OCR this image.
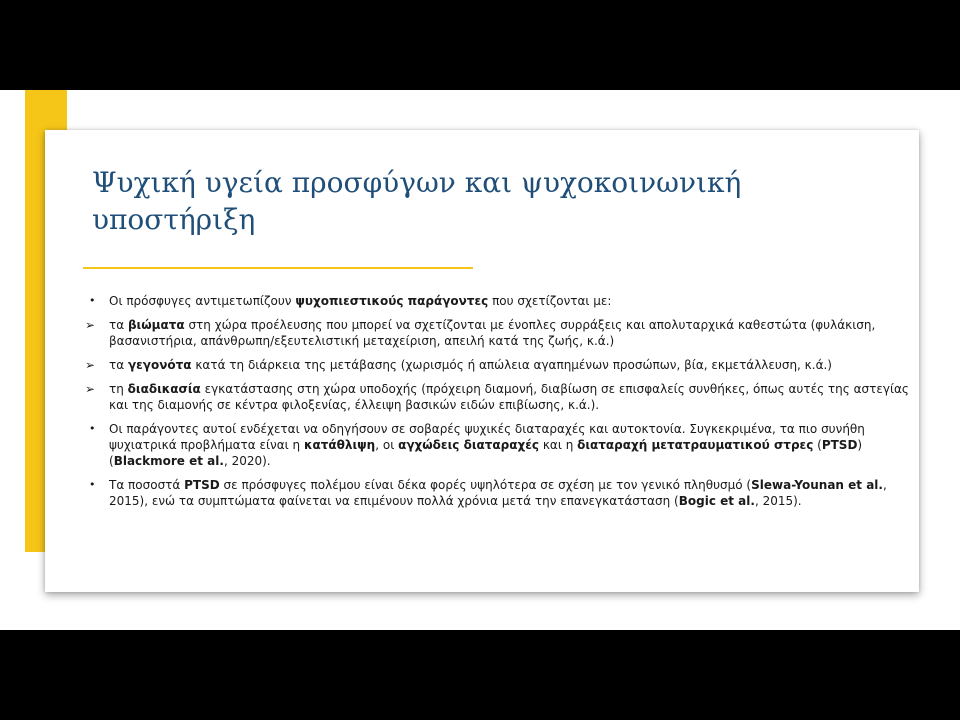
Ψυχική υγεία προσφύγων και ψυχοκοινωνική υποστήριξη
• Οι πρόσφυγες αντιμετωπίζουν ψυχοπιεστικούς παράγοντες που σχετίζονται με:
➢ τα βιώματα στη χώρα προέλευσης που μπορεί να σχετίζονται με ένοπλες συρράξεις και απολυταρχικά καθεστώτα (φυλάκιση, βασανιστήρια, απάνθρωπη/εξευτελιστική μεταχείριση, απειλή κατά της ζωής, κ.ά.)
➢ τα γεγονότα κατά τη διάρκεια της μετάβασης (χωρισμός ή απώλεια αγαπημένων προσώπων, βία, εκμετάλλευση, κ.ά.)
➢ τη διαδικασία εγκατάστασης στη χώρα υποδοχής (πρόχειρη διαμονή, διαβίωση σε επισφαλείς συνθήκες, όπως αυτές της αστεγίας και της διαμονής σε κέντρα φιλοξενίας, έλλειψη βασικών ειδών επιβίωσης, κ.ά.).
• Οι παράγοντες αυτοί ενδέχεται να οδηγήσουν σε σοβαρές ψυχικές διαταραχές και αυτοκτονία. Συγκεκριμένα, τα πιο συνήθη ψυχιατρικά προβλήματα είναι η κατάθλιψη, οι αγχώδεις διαταραχές και η διαταραχή μετατραυματικού στρες (PTSD) (Blackmore et al., 2020).
• Τα ποσοστά PTSD σε πρόσφυγες πολέμου είναι δέκα φορές υψηλότερα σε σχέση με τον γενικό πληθυσμό (Slewa-Younan et al., 2015), ενώ τα συμπτώματα φαίνεται να επιμένουν πολλά χρόνια μετά την επανεγκατάσταση (Bogic et al., 2015).
